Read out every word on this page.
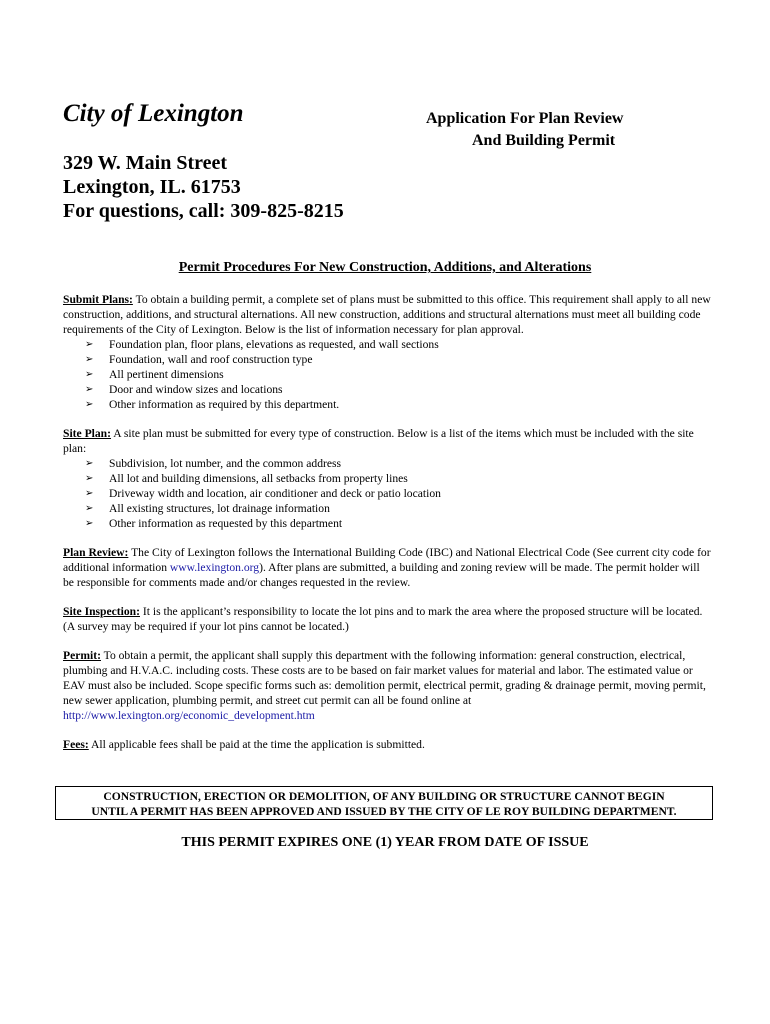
City of Lexington	Application For Plan Review
And Building Permit
329 W. Main Street
Lexington, IL. 61753
For questions, call: 309-825-8215
Permit Procedures For New Construction, Additions, and Alterations

Submit Plans: To obtain a building permit, a complete set of plans must be submitted to this office. This requirement shall apply to all new construction, additions, and structural alternations. All new construction, additions and structural alternations must meet all building code requirements of the City of Lexington. Below is the list of information necessary for plan approval.

➢ Foundation plan, floor plans, elevations as requested, and wall sections
➢ Foundation, wall and roof construction type
➢ All pertinent dimensions
➢ Door and window sizes and locations
➢ Other information as required by this department.

Site Plan: A site plan must be submitted for every type of construction. Below is a list of the items which must be included with the site plan:

➢ Subdivision, lot number, and the common address
➢ All lot and building dimensions, all setbacks from property lines
➢ Driveway width and location, air conditioner and deck or patio location
➢ All existing structures, lot drainage information
➢ Other information as requested by this department

Plan Review: The City of Lexington follows the International Building Code (IBC) and National Electrical Code (See current city code for additional information www.lexington.org). After plans are submitted, a building and zoning review will be made. The permit holder will be responsible for comments made and/or changes requested in the review.

Site Inspection: It is the applicant’s responsibility to locate the lot pins and to mark the area where the proposed structure will be located. (A survey may be required if your lot pins cannot be located.)

Permit: To obtain a permit, the applicant shall supply this department with the following information: general construction, electrical, plumbing and H.V.A.C. including costs. These costs are to be based on fair market values for material and labor. The estimated value or EAV must also be included. Scope specific forms such as: demolition permit, electrical permit, grading & drainage permit, moving permit, new sewer application, plumbing permit, and street cut permit can all be found online at http://www.lexington.org/economic_development.htm

Fees: All applicable fees shall be paid at the time the application is submitted.

CONSTRUCTION, ERECTION OR DEMOLITION, OF ANY BUILDING OR STRUCTURE CANNOT BEGIN
UNTIL A PERMIT HAS BEEN APPROVED AND ISSUED BY THE CITY OF LE ROY BUILDING DEPARTMENT.
THIS PERMIT EXPIRES ONE (1) YEAR FROM DATE OF ISSUE
